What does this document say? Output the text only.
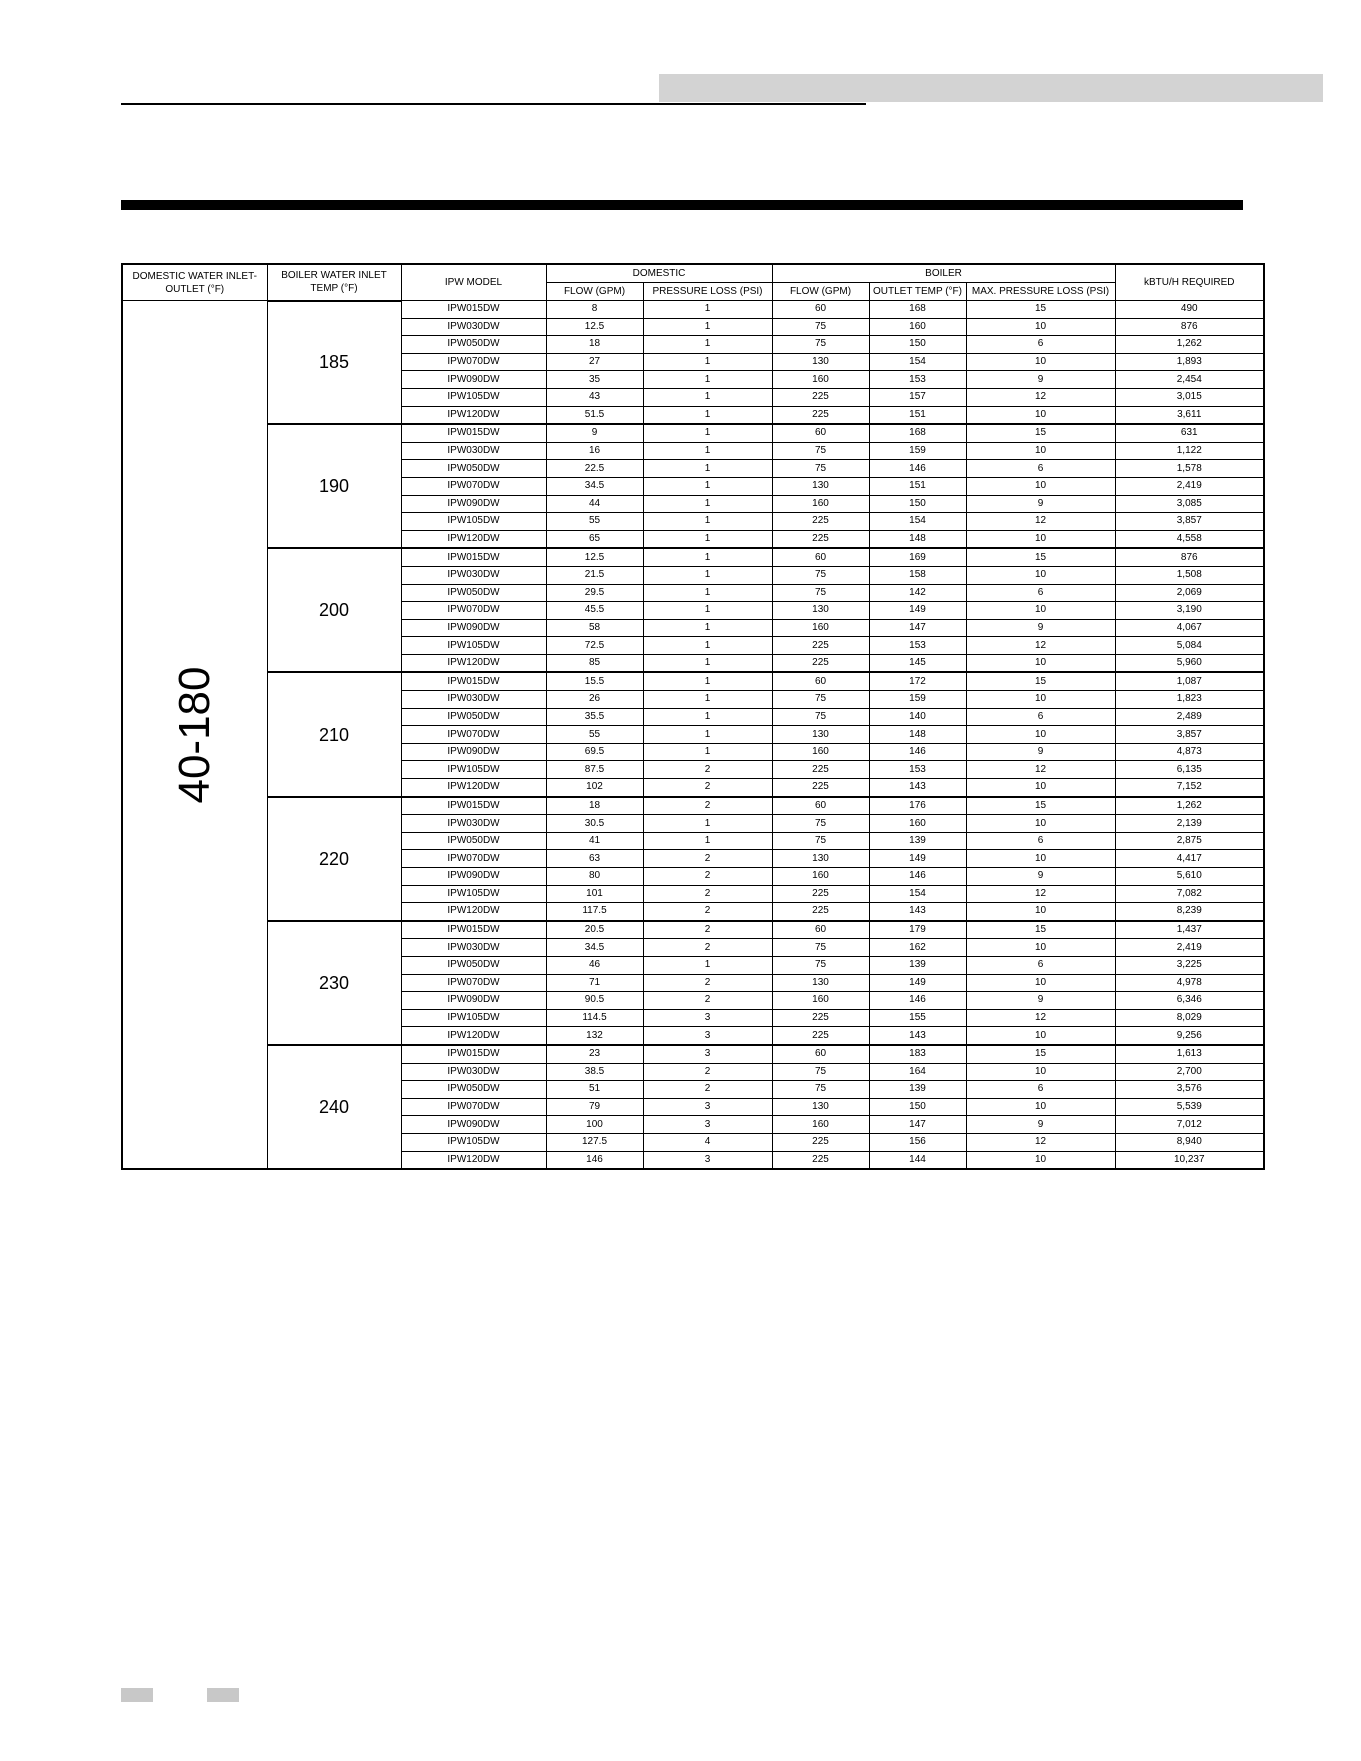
DOMESTIC WATER INLET-OUTLET (°F)	BOILER WATER INLET TEMP (°F)	IPW MODEL	DOMESTIC		BOILER			kBTU/H REQUIRED
			FLOW (GPM)	PRESSURE LOSS (PSI)	FLOW (GPM)	OUTLET TEMP (°F)	MAX. PRESSURE LOSS (PSI)	

40-180	185	IPW015DW	8	1	60	168	15	490
		IPW030DW	12.5	1	75	160	10	876
		IPW050DW	18	1	75	150	6	1,262
		IPW070DW	27	1	130	154	10	1,893
		IPW090DW	35	1	160	153	9	2,454
		IPW105DW	43	1	225	157	12	3,015
		IPW120DW	51.5	1	225	151	10	3,611
	190	IPW015DW	9	1	60	168	15	631
		IPW030DW	16	1	75	159	10	1,122
		IPW050DW	22.5	1	75	146	6	1,578
		IPW070DW	34.5	1	130	151	10	2,419
		IPW090DW	44	1	160	150	9	3,085
		IPW105DW	55	1	225	154	12	3,857
		IPW120DW	65	1	225	148	10	4,558
	200	IPW015DW	12.5	1	60	169	15	876
		IPW030DW	21.5	1	75	158	10	1,508
		IPW050DW	29.5	1	75	142	6	2,069
		IPW070DW	45.5	1	130	149	10	3,190
		IPW090DW	58	1	160	147	9	4,067
		IPW105DW	72.5	1	225	153	12	5,084
		IPW120DW	85	1	225	145	10	5,960
	210	IPW015DW	15.5	1	60	172	15	1,087
		IPW030DW	26	1	75	159	10	1,823
		IPW050DW	35.5	1	75	140	6	2,489
		IPW070DW	55	1	130	148	10	3,857
		IPW090DW	69.5	1	160	146	9	4,873
		IPW105DW	87.5	2	225	153	12	6,135
		IPW120DW	102	2	225	143	10	7,152
	220	IPW015DW	18	2	60	176	15	1,262
		IPW030DW	30.5	1	75	160	10	2,139
		IPW050DW	41	1	75	139	6	2,875
		IPW070DW	63	2	130	149	10	4,417
		IPW090DW	80	2	160	146	9	5,610
		IPW105DW	101	2	225	154	12	7,082
		IPW120DW	117.5	2	225	143	10	8,239
	230	IPW015DW	20.5	2	60	179	15	1,437
		IPW030DW	34.5	2	75	162	10	2,419
		IPW050DW	46	1	75	139	6	3,225
		IPW070DW	71	2	130	149	10	4,978
		IPW090DW	90.5	2	160	146	9	6,346
		IPW105DW	114.5	3	225	155	12	8,029
		IPW120DW	132	3	225	143	10	9,256
	240	IPW015DW	23	3	60	183	15	1,613
		IPW030DW	38.5	2	75	164	10	2,700
		IPW050DW	51	2	75	139	6	3,576
		IPW070DW	79	3	130	150	10	5,539
		IPW090DW	100	3	160	147	9	7,012
		IPW105DW	127.5	4	225	156	12	8,940
		IPW120DW	146	3	225	144	10	10,237
